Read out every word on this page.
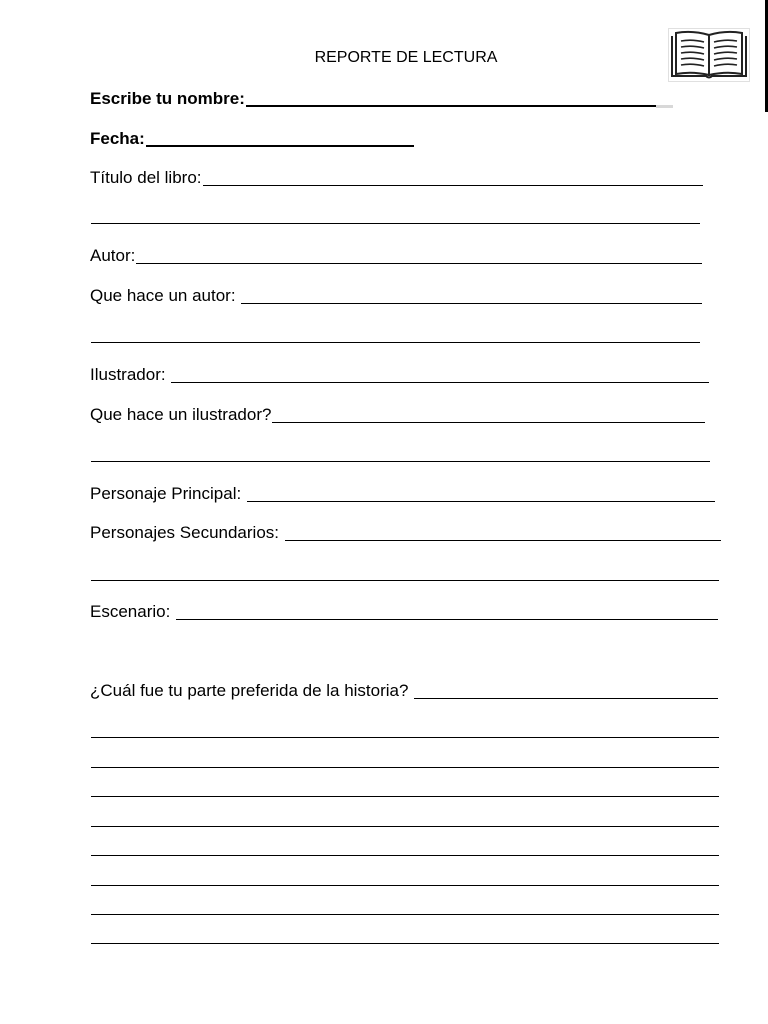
REPORTE DE LECTURA
Escribe tu nombre:
Fecha:
Título del libro:
Autor:
Que hace un autor:
Ilustrador:
Que hace un ilustrador?
Personaje Principal:
Personajes Secundarios:
Escenario:
¿Cuál fue tu parte preferida de la historia?
